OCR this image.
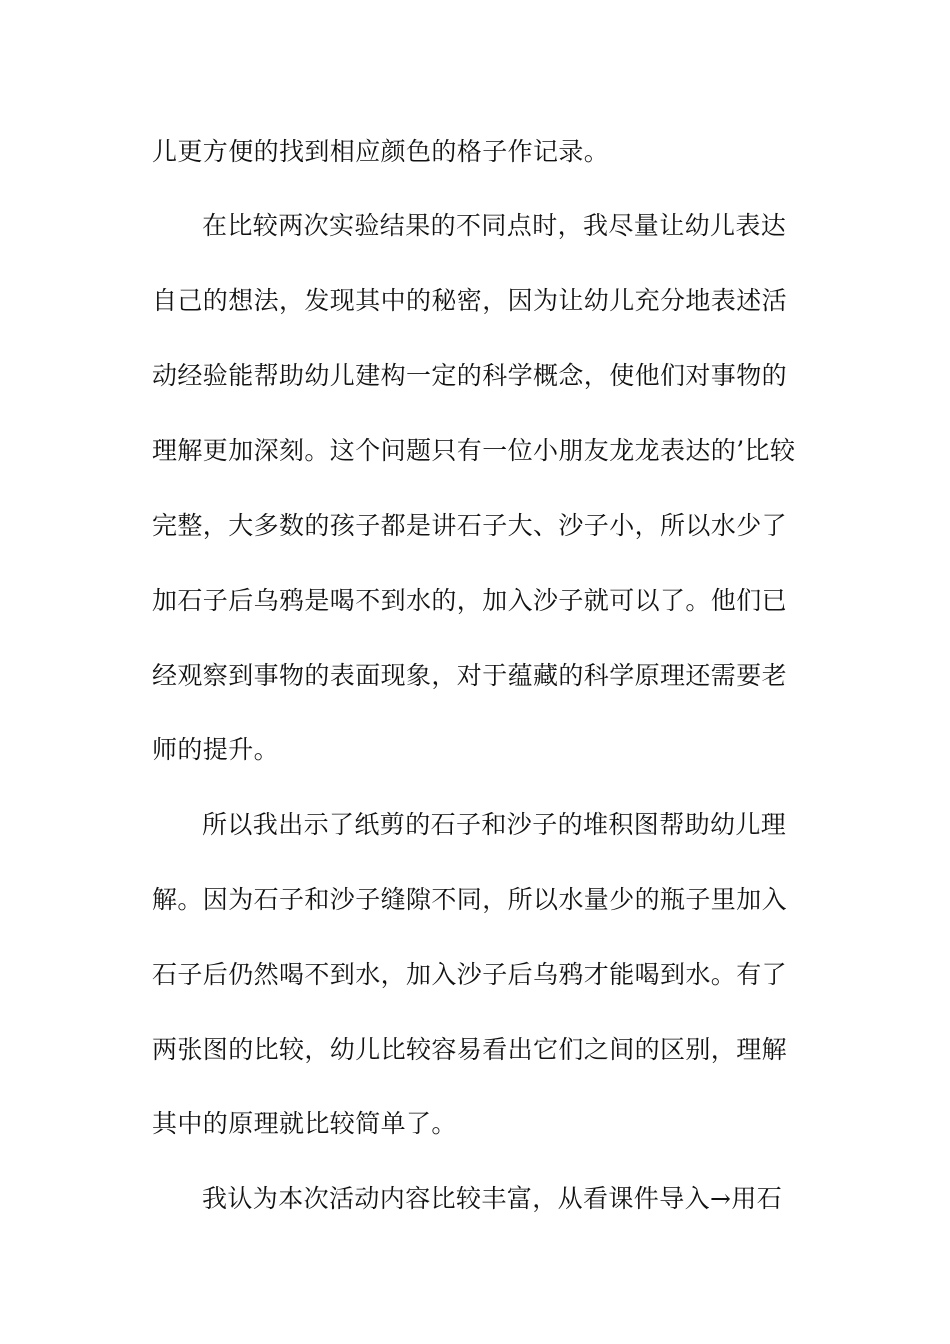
儿更方便的找到相应颜色的格子作记录。
在比较两次实验结果的不同点时，我尽量让幼儿表达
自己的想法，发现其中的秘密，因为让幼儿充分地表述活
动经验能帮助幼儿建构一定的科学概念，使他们对事物的
理解更加深刻。这个问题只有一位小朋友龙龙表达的’比较
完整，大多数的孩子都是讲石子大、沙子小，所以水少了
加石子后乌鸦是喝不到水的，加入沙子就可以了。他们已
经观察到事物的表面现象，对于蕴藏的科学原理还需要老
师的提升。
所以我出示了纸剪的石子和沙子的堆积图帮助幼儿理
解。因为石子和沙子缝隙不同，所以水量少的瓶子里加入
石子后仍然喝不到水，加入沙子后乌鸦才能喝到水。有了
两张图的比较，幼儿比较容易看出它们之间的区别，理解
其中的原理就比较简单了。
我认为本次活动内容比较丰富，从看课件导入→用石
